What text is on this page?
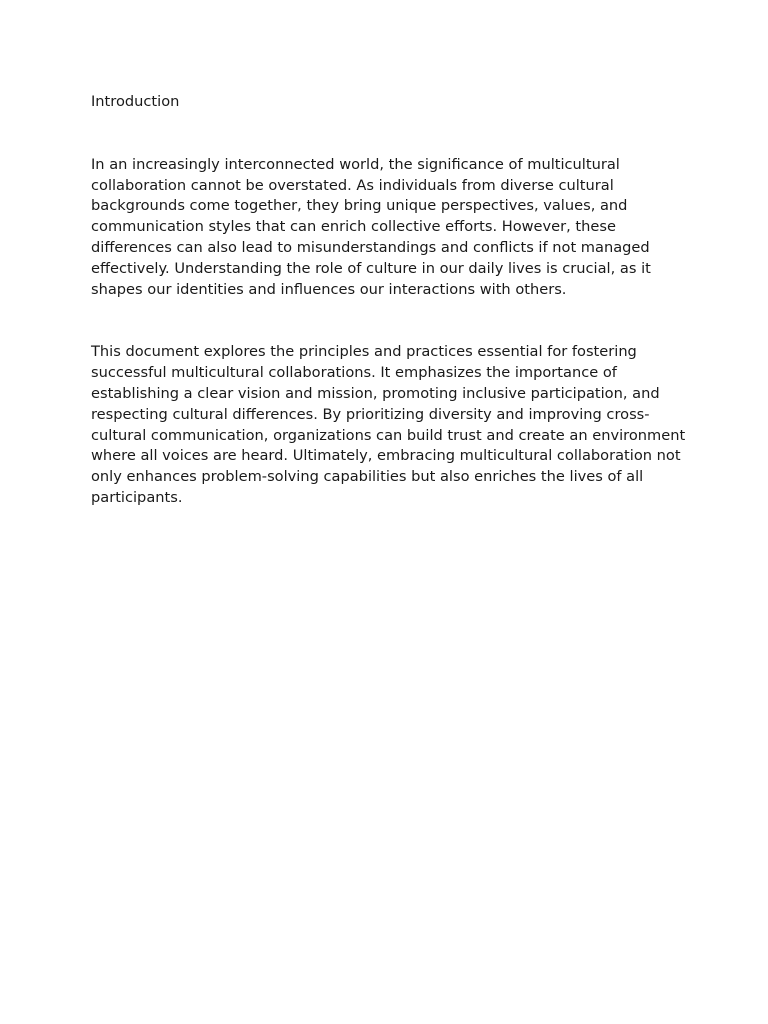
Introduction

In an increasingly interconnected world, the significance of multicultural collaboration cannot be overstated. As individuals from diverse cultural backgrounds come together, they bring unique perspectives, values, and communication styles that can enrich collective efforts. However, these differences can also lead to misunderstandings and conflicts if not managed effectively. Understanding the role of culture in our daily lives is crucial, as it shapes our identities and influences our interactions with others.

This document explores the principles and practices essential for fostering successful multicultural collaborations. It emphasizes the importance of establishing a clear vision and mission, promoting inclusive participation, and respecting cultural differences. By prioritizing diversity and improving cross-cultural communication, organizations can build trust and create an environment where all voices are heard. Ultimately, embracing multicultural collaboration not only enhances problem-solving capabilities but also enriches the lives of all participants.
